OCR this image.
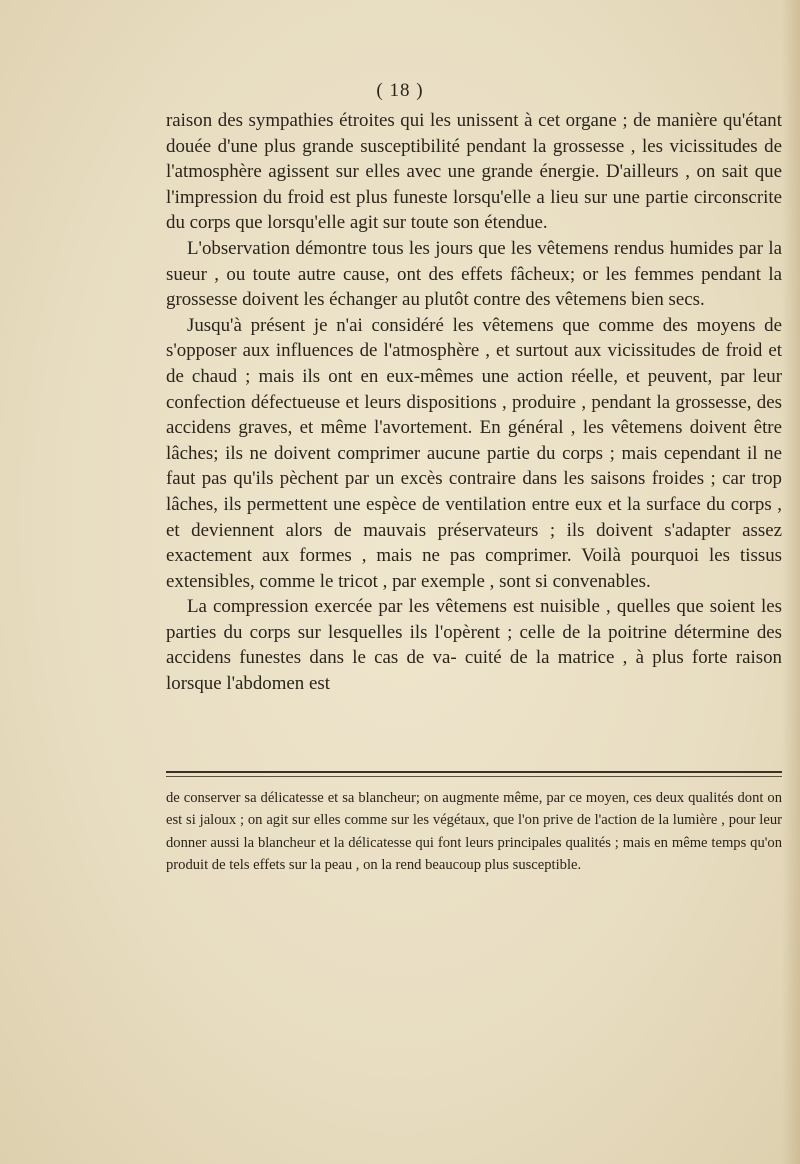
( 18 )

raison des sympathies étroites qui les unissent à cet organe ; de manière qu'étant douée d'une plus grande susceptibilité pendant la grossesse , les vicissitudes de l'atmosphère agissent sur elles avec une grande énergie. D'ailleurs , on sait que l'impression du froid est plus funeste lorsqu'elle a lieu sur une partie circonscrite du corps que lorsqu'elle agit sur toute son étendue.

L'observation démontre tous les jours que les vêtemens rendus humides par la sueur , ou toute autre cause, ont des effets fâcheux; or les femmes pendant la grossesse doivent les échanger au plutôt contre des vêtemens bien secs.

Jusqu'à présent je n'ai considéré les vêtemens que comme des moyens de s'opposer aux influences de l'atmosphère , et surtout aux vicissitudes de froid et de chaud ; mais ils ont en eux-mêmes une action réelle, et peuvent, par leur confection défectueuse et leurs dispositions , produire , pendant la grossesse, des accidens graves, et même l'avortement. En général , les vêtemens doivent être lâches; ils ne doivent comprimer aucune partie du corps ; mais cependant il ne faut pas qu'ils pèchent par un excès contraire dans les saisons froides ; car trop lâches, ils permettent une espèce de ventilation entre eux et la surface du corps , et deviennent alors de mauvais préservateurs ; ils doivent s'adapter assez exactement aux formes , mais ne pas comprimer. Voilà pourquoi les tissus extensibles, comme le tricot , par exemple , sont si convenables.

La compression exercée par les vêtemens est nuisible , quelles que soient les parties du corps sur lesquelles ils l'opèrent ; celle de la poitrine détermine des accidens funestes dans le cas de va- cuité de la matrice , à plus forte raison lorsque l'abdomen est

de conserver sa délicatesse et sa blancheur; on augmente même, par ce moyen, ces deux qualités dont on est si jaloux ; on agit sur elles comme sur les végétaux, que l'on prive de l'action de la lumière , pour leur donner aussi la blancheur et la délicatesse qui font leurs principales qualités ; mais en même temps qu'on produit de tels effets sur la peau , on la rend beaucoup plus susceptible.
